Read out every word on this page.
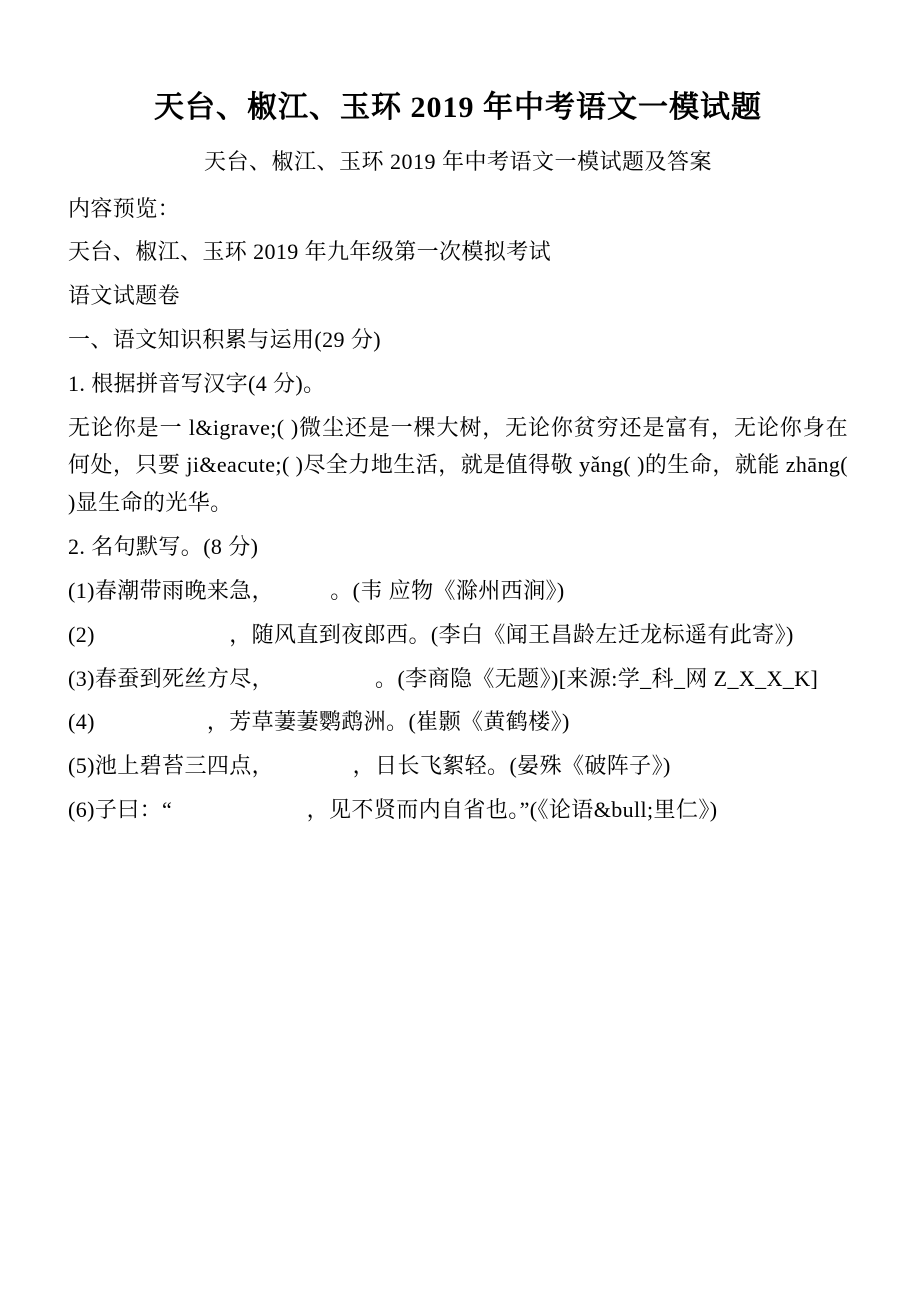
天台、椒江、玉环 2019 年中考语文一模试题
天台、椒江、玉环 2019 年中考语文一模试题及答案

内容预览：

天台、椒江、玉环 2019 年九年级第一次模拟考试

语文试题卷

一、语文知识积累与运用(29 分)

1. 根据拼音写汉字(4 分)。

无论你是一 l&igrave;( )微尘还是一棵大树，无论你贫穷还是富有，无论你身在何处，只要 ji&eacute;( )尽全力地生活，就是值得敬 yǎng( )的生命，就能 zhāng( )显生命的光华。

2. 名句默写。(8 分)

(1)春潮带雨晚来急，　　　。(韦 应物《滁州西涧》)

(2)　　　　　　，随风直到夜郎西。(李白《闻王昌龄左迁龙标遥有此寄》)

(3)春蚕到死丝方尽，　　　　　。(李商隐《无题》)[来源:学_科_网 Z_X_X_K]

(4)　　　　　，芳草萋萋鹦鹉洲。(崔颢《黄鹤楼》)

(5)池上碧苔三四点，　　　　，日长飞絮轻。(晏殊《破阵子》)

(6)子曰：“　　　　　　，见不贤而内自省也。”(《论语&bull;里仁》)
